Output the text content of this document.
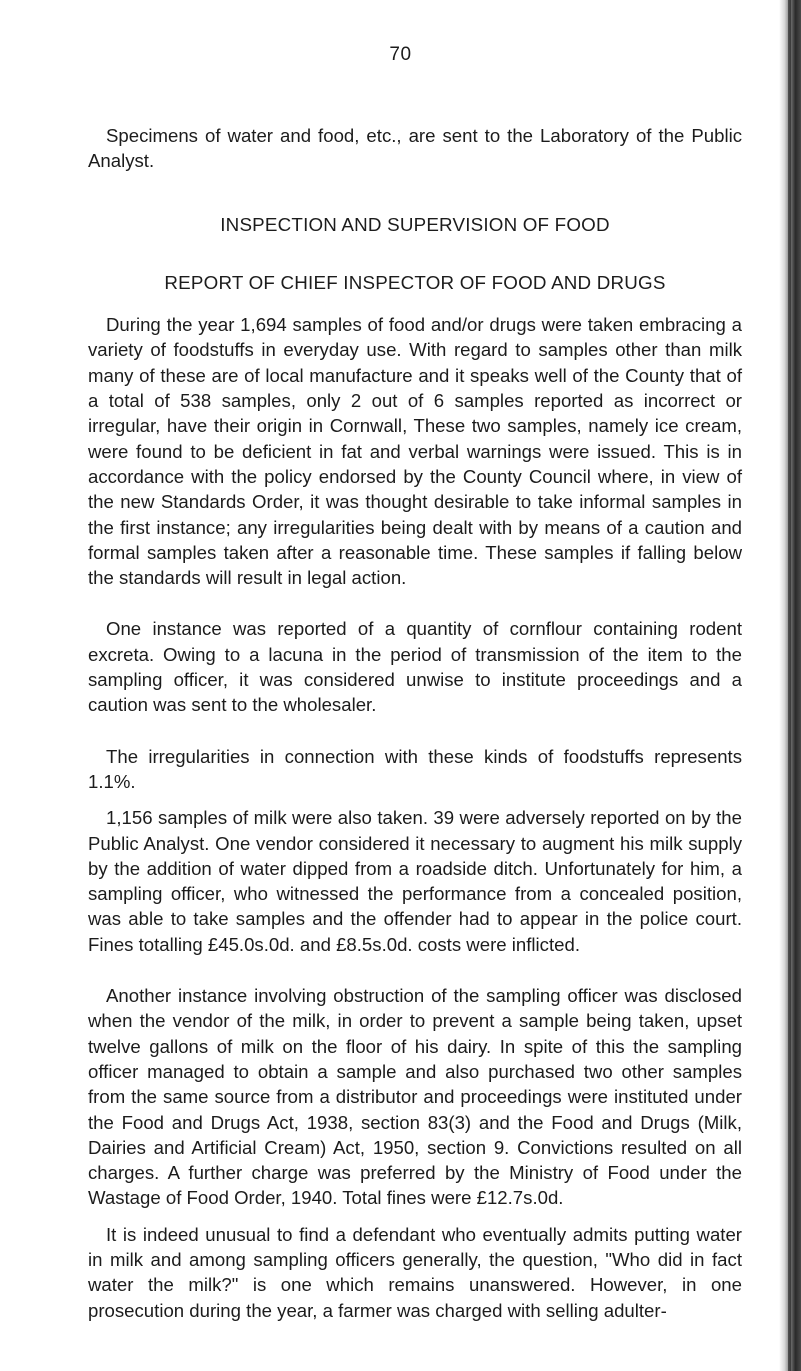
70

Specimens of water and food, etc., are sent to the Laboratory of the Public Analyst.

INSPECTION AND SUPERVISION OF FOOD

REPORT OF CHIEF INSPECTOR OF FOOD AND DRUGS

During the year 1,694 samples of food and/or drugs were taken embracing a variety of foodstuffs in everyday use. With regard to samples other than milk many of these are of local manufacture and it speaks well of the County that of a total of 538 samples, only 2 out of 6 samples reported as incorrect or irregular, have their origin in Cornwall, These two samples, namely ice cream, were found to be deficient in fat and verbal warnings were issued. This is in accordance with the policy endorsed by the County Council where, in view of the new Standards Order, it was thought desirable to take informal samples in the first instance; any irregularities being dealt with by means of a caution and formal samples taken after a reasonable time. These samples if falling below the standards will result in legal action.

One instance was reported of a quantity of cornflour containing rodent excreta. Owing to a lacuna in the period of transmission of the item to the sampling officer, it was considered unwise to institute proceedings and a caution was sent to the wholesaler.

The irregularities in connection with these kinds of foodstuffs represents 1.1%.

1,156 samples of milk were also taken. 39 were adversely reported on by the Public Analyst. One vendor considered it necessary to augment his milk supply by the addition of water dipped from a roadside ditch. Unfortunately for him, a sampling officer, who witnessed the performance from a concealed position, was able to take samples and the offender had to appear in the police court. Fines totalling £45.0s.0d. and £8.5s.0d. costs were inflicted.

Another instance involving obstruction of the sampling officer was disclosed when the vendor of the milk, in order to prevent a sample being taken, upset twelve gallons of milk on the floor of his dairy. In spite of this the sampling officer managed to obtain a sample and also purchased two other samples from the same source from a distributor and proceedings were instituted under the Food and Drugs Act, 1938, section 83(3) and the Food and Drugs (Milk, Dairies and Artificial Cream) Act, 1950, section 9. Convictions resulted on all charges. A further charge was preferred by the Ministry of Food under the Wastage of Food Order, 1940. Total fines were £12.7s.0d.

It is indeed unusual to find a defendant who eventually admits putting water in milk and among sampling officers generally, the question, "Who did in fact water the milk?" is one which remains unanswered. However, in one prosecution during the year, a farmer was charged with selling adulter-
